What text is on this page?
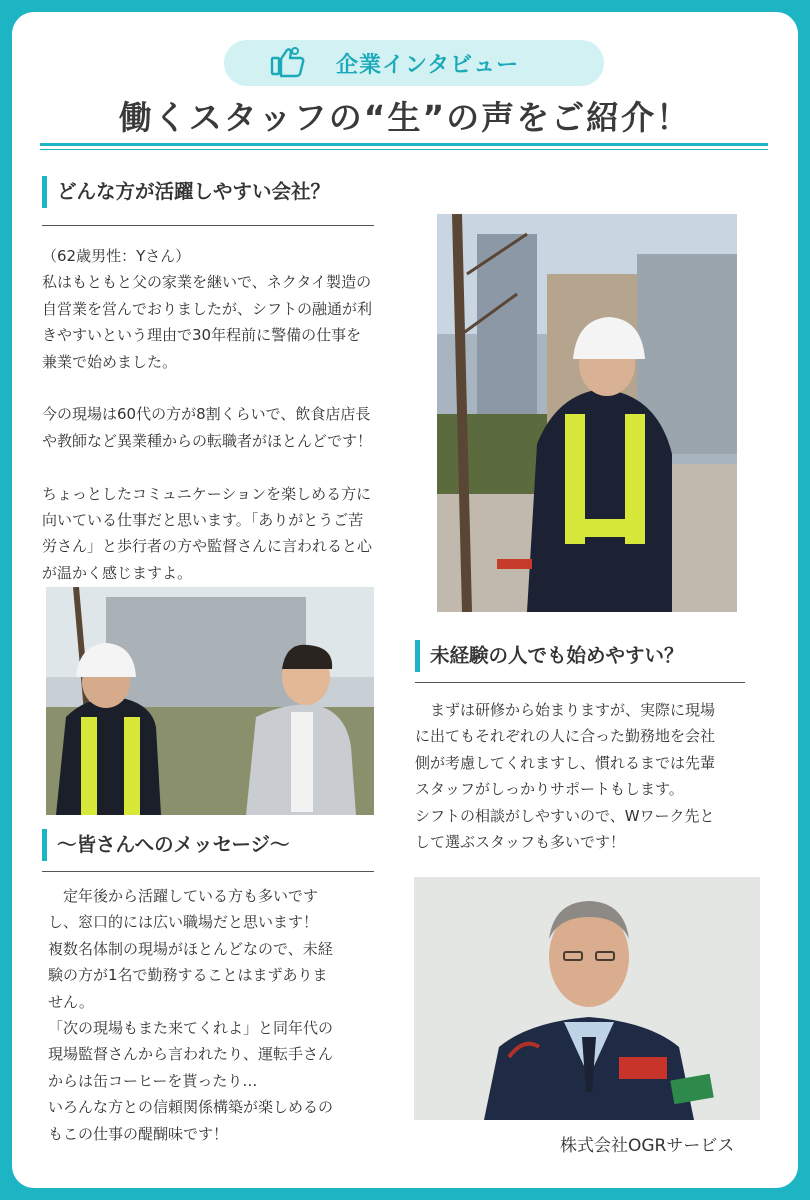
企業インタビュー
働くスタッフの“生”の声をご紹介！
どんな方が活躍しやすい会社？
（62歳男性：Yさん）
私はもともと父の家業を継いで、ネクタイ製造の
自営業を営んでおりましたが、シフトの融通が利
きやすいという理由で30年程前に警備の仕事を
兼業で始めました。

今の現場は60代の方が8割くらいで、飲食店店長
や教師など異業種からの転職者がほとんどです！

ちょっとしたコミュニケーションを楽しめる方に
向いている仕事だと思います。「ありがとうご苦
労さん」と歩行者の方や監督さんに言われると心
が温かく感じますよ。
未経験の人でも始めやすい？
　まずは研修から始まりますが、実際に現場
に出てもそれぞれの人に合った勤務地を会社
側が考慮してくれますし、慣れるまでは先輩
スタッフがしっかりサポートもします。
シフトの相談がしやすいので、Wワーク先と
して選ぶスタッフも多いです！
～皆さんへのメッセージ～
　定年後から活躍している方も多いです
し、窓口的には広い職場だと思います！
複数名体制の現場がほとんどなので、未経
験の方が1名で勤務することはまずありま
せん。
「次の現場もまた来てくれよ」と同年代の
現場監督さんから言われたり、運転手さん
からは缶コーヒーを貰ったり…
いろんな方との信頼関係構築が楽しめるの
もこの仕事の醍醐味です！
株式会社OGRサービス
